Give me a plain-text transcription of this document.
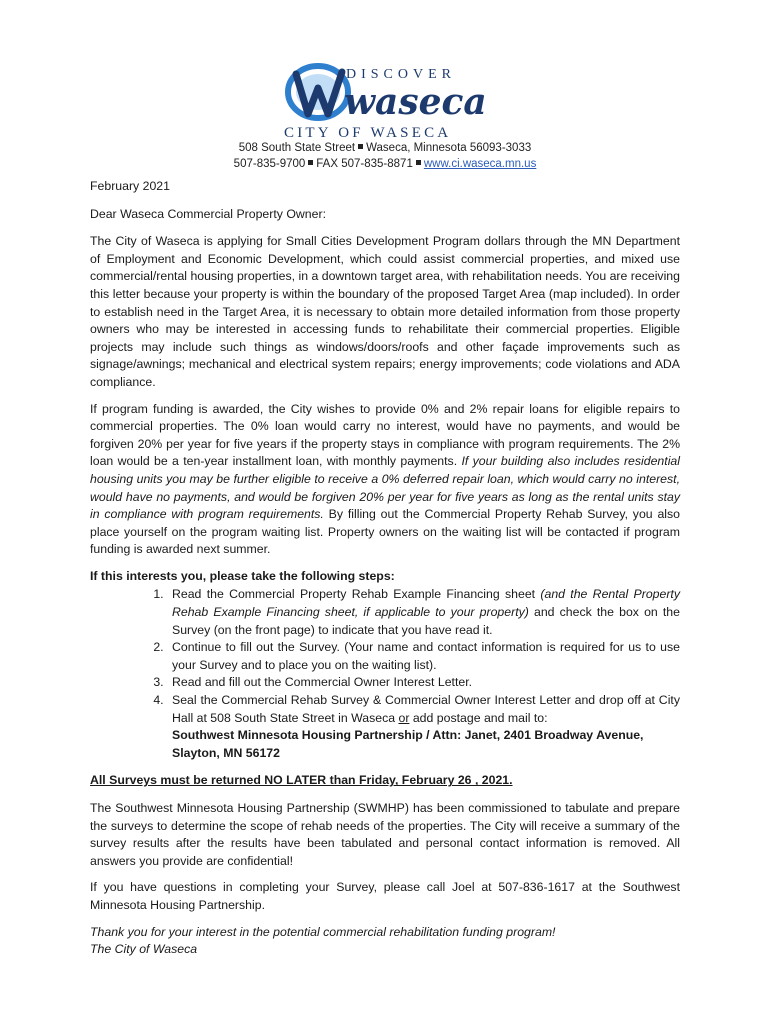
DISCOVER
waseca
CITY OF WASECA
508 South State Street Waseca, Minnesota 56093-3033
507-835-9700 FAX 507-835-8871 www.ci.waseca.mn.us

February 2021

Dear Waseca Commercial Property Owner:

The City of Waseca is applying for Small Cities Development Program dollars through the MN Department of Employment and Economic Development, which could assist commercial properties, and mixed use commercial/rental housing properties, in a downtown target area, with rehabilitation needs. You are receiving this letter because your property is within the boundary of the proposed Target Area (map included). In order to establish need in the Target Area, it is necessary to obtain more detailed information from those property owners who may be interested in accessing funds to rehabilitate their commercial properties. Eligible projects may include such things as windows/doors/roofs and other façade improvements such as signage/awnings; mechanical and electrical system repairs; energy improvements; code violations and ADA compliance.

If program funding is awarded, the City wishes to provide 0% and 2% repair loans for eligible repairs to commercial properties. The 0% loan would carry no interest, would have no payments, and would be forgiven 20% per year for five years if the property stays in compliance with program requirements. The 2% loan would be a ten-year installment loan, with monthly payments. If your building also includes residential housing units you may be further eligible to receive a 0% deferred repair loan, which would carry no interest, would have no payments, and would be forgiven 20% per year for five years as long as the rental units stay in compliance with program requirements. By filling out the Commercial Property Rehab Survey, you also place yourself on the program waiting list. Property owners on the waiting list will be contacted if program funding is awarded next summer.

If this interests you, please take the following steps:

1. Read the Commercial Property Rehab Example Financing sheet (and the Rental Property Rehab Example Financing sheet, if applicable to your property) and check the box on the Survey (on the front page) to indicate that you have read it.
2. Continue to fill out the Survey. (Your name and contact information is required for us to use your Survey and to place you on the waiting list).
3. Read and fill out the Commercial Owner Interest Letter.
4. Seal the Commercial Rehab Survey & Commercial Owner Interest Letter and drop off at City Hall at 508 South State Street in Waseca or add postage and mail to:
Southwest Minnesota Housing Partnership / Attn: Janet, 2401 Broadway Avenue,
Slayton, MN 56172

All Surveys must be returned NO LATER than Friday, February 26 , 2021.

The Southwest Minnesota Housing Partnership (SWMHP) has been commissioned to tabulate and prepare the surveys to determine the scope of rehab needs of the properties. The City will receive a summary of the survey results after the results have been tabulated and personal contact information is removed. All answers you provide are confidential!

If you have questions in completing your Survey, please call Joel at 507-836-1617 at the Southwest Minnesota Housing Partnership.

Thank you for your interest in the potential commercial rehabilitation funding program!

The City of Waseca
